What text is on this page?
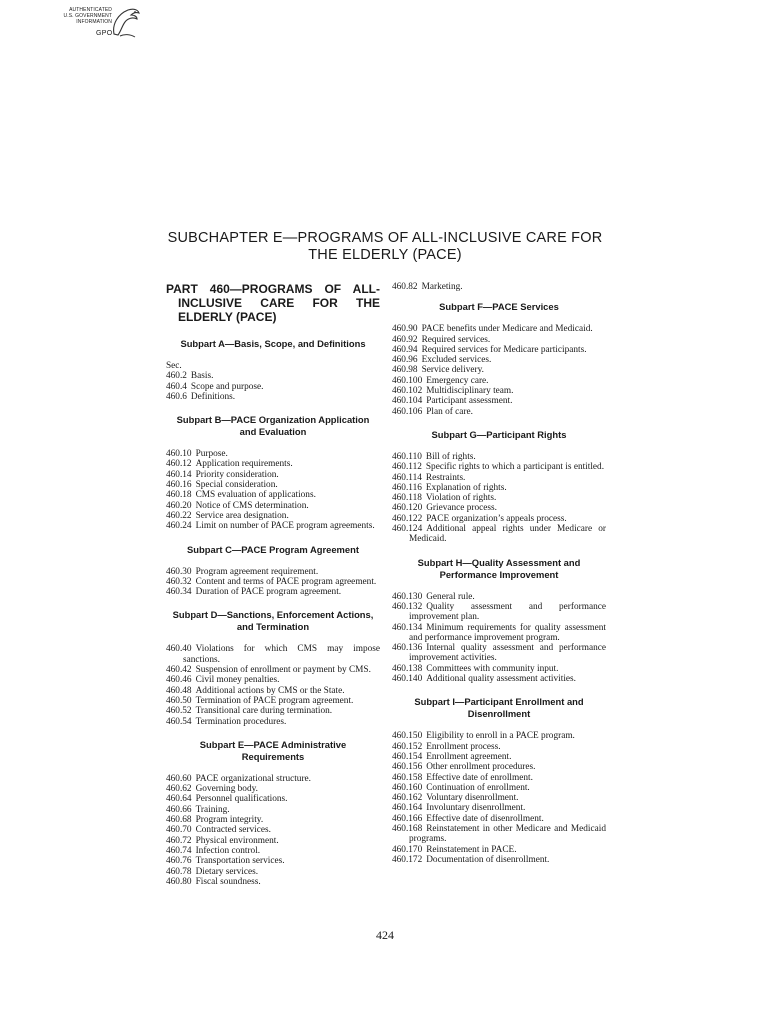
AUTHENTICATED
U.S. GOVERNMENT
INFORMATION
GPO
SUBCHAPTER E—PROGRAMS OF ALL-INCLUSIVE CARE FOR THE ELDERLY (PACE)
PART 460—PROGRAMS OF ALL-INCLUSIVE CARE FOR THE ELDERLY (PACE)
Subpart A—Basis, Scope, and Definitions
Sec.
460.2 Basis.
460.4 Scope and purpose.
460.6 Definitions.
Subpart B—PACE Organization Application and Evaluation
460.10 Purpose.
460.12 Application requirements.
460.14 Priority consideration.
460.16 Special consideration.
460.18 CMS evaluation of applications.
460.20 Notice of CMS determination.
460.22 Service area designation.
460.24 Limit on number of PACE program agreements.
Subpart C—PACE Program Agreement
460.30 Program agreement requirement.
460.32 Content and terms of PACE program agreement.
460.34 Duration of PACE program agreement.
Subpart D—Sanctions, Enforcement Actions, and Termination
460.40 Violations for which CMS may impose sanctions.
460.42 Suspension of enrollment or payment by CMS.
460.46 Civil money penalties.
460.48 Additional actions by CMS or the State.
460.50 Termination of PACE program agreement.
460.52 Transitional care during termination.
460.54 Termination procedures.
Subpart E—PACE Administrative Requirements
460.60 PACE organizational structure.
460.62 Governing body.
460.64 Personnel qualifications.
460.66 Training.
460.68 Program integrity.
460.70 Contracted services.
460.72 Physical environment.
460.74 Infection control.
460.76 Transportation services.
460.78 Dietary services.
460.80 Fiscal soundness.
460.82 Marketing.
Subpart F—PACE Services
460.90 PACE benefits under Medicare and Medicaid.
460.92 Required services.
460.94 Required services for Medicare participants.
460.96 Excluded services.
460.98 Service delivery.
460.100 Emergency care.
460.102 Multidisciplinary team.
460.104 Participant assessment.
460.106 Plan of care.
Subpart G—Participant Rights
460.110 Bill of rights.
460.112 Specific rights to which a participant is entitled.
460.114 Restraints.
460.116 Explanation of rights.
460.118 Violation of rights.
460.120 Grievance process.
460.122 PACE organization’s appeals process.
460.124 Additional appeal rights under Medicare or Medicaid.
Subpart H—Quality Assessment and Performance Improvement
460.130 General rule.
460.132 Quality assessment and performance improvement plan.
460.134 Minimum requirements for quality assessment and performance improvement program.
460.136 Internal quality assessment and performance improvement activities.
460.138 Committees with community input.
460.140 Additional quality assessment activities.
Subpart I—Participant Enrollment and Disenrollment
460.150 Eligibility to enroll in a PACE program.
460.152 Enrollment process.
460.154 Enrollment agreement.
460.156 Other enrollment procedures.
460.158 Effective date of enrollment.
460.160 Continuation of enrollment.
460.162 Voluntary disenrollment.
460.164 Involuntary disenrollment.
460.166 Effective date of disenrollment.
460.168 Reinstatement in other Medicare and Medicaid programs.
460.170 Reinstatement in PACE.
460.172 Documentation of disenrollment.
424
